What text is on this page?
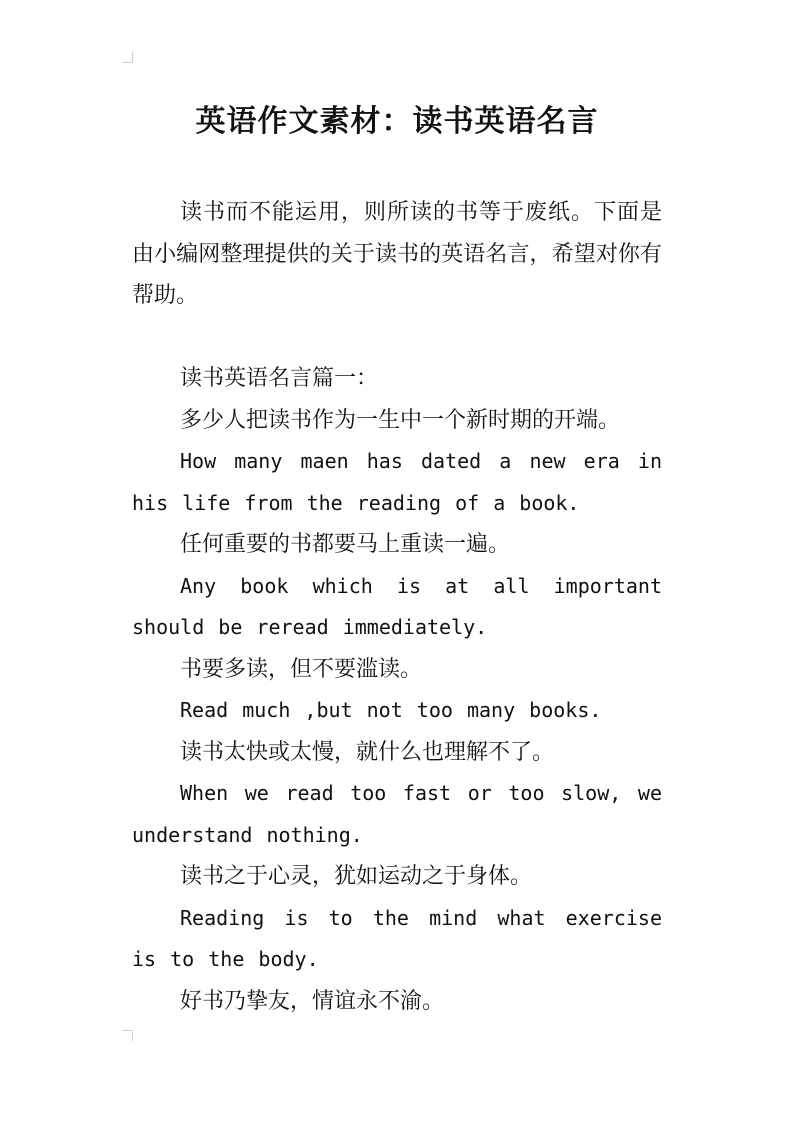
英语作文素材：读书英语名言

读书而不能运用，则所读的书等于废纸。下面是由小编网整理提供的关于读书的英语名言，希望对你有帮助。

读书英语名言篇一：

多少人把读书作为一生中一个新时期的开端。

How many maen has dated a new era in his life from the reading of a book.

任何重要的书都要马上重读一遍。

Any book which is at all important should be reread immediately.

书要多读，但不要滥读。

Read much ,but not too many books.

读书太快或太慢，就什么也理解不了。

When we read too fast or too slow, we understand nothing.

读书之于心灵，犹如运动之于身体。

Reading is to the mind what exercise is to the body.

好书乃挚友，情谊永不渝。
